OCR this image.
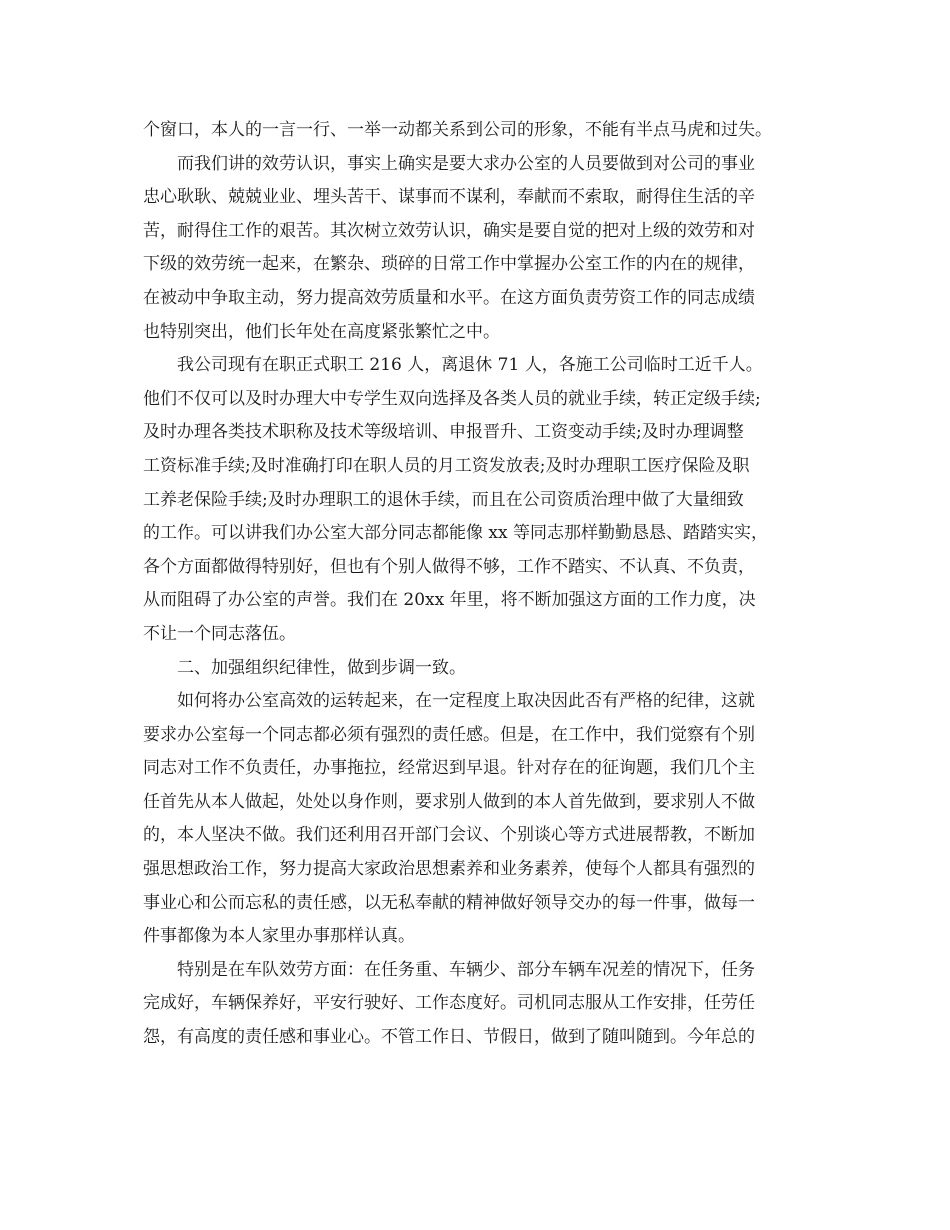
个窗口，本人的一言一行、一举一动都关系到公司的形象，不能有半点马虎和过失。
而我们讲的效劳认识，事实上确实是要大求办公室的人员要做到对公司的事业
忠心耿耿、兢兢业业、埋头苦干、谋事而不谋利，奉献而不索取，耐得住生活的辛
苦，耐得住工作的艰苦。其次树立效劳认识，确实是要自觉的把对上级的效劳和对
下级的效劳统一起来，在繁杂、琐碎的日常工作中掌握办公室工作的内在的规律，
在被动中争取主动，努力提高效劳质量和水平。在这方面负责劳资工作的同志成绩
也特别突出，他们长年处在高度紧张繁忙之中。
我公司现有在职正式职工 216 人，离退休 71 人，各施工公司临时工近千人。
他们不仅可以及时办理大中专学生双向选择及各类人员的就业手续，转正定级手续;
及时办理各类技术职称及技术等级培训、申报晋升、工资变动手续;及时办理调整
工资标准手续;及时准确打印在职人员的月工资发放表;及时办理职工医疗保险及职
工养老保险手续;及时办理职工的退休手续，而且在公司资质治理中做了大量细致
的工作。可以讲我们办公室大部分同志都能像 xx 等同志那样勤勤恳恳、踏踏实实，
各个方面都做得特别好，但也有个别人做得不够，工作不踏实、不认真、不负责，
从而阻碍了办公室的声誉。我们在 20xx 年里，将不断加强这方面的工作力度，决
不让一个同志落伍。
二、加强组织纪律性，做到步调一致。
如何将办公室高效的运转起来，在一定程度上取决因此否有严格的纪律，这就
要求办公室每一个同志都必须有强烈的责任感。但是，在工作中，我们觉察有个别
同志对工作不负责任，办事拖拉，经常迟到早退。针对存在的征询题，我们几个主
任首先从本人做起，处处以身作则，要求别人做到的本人首先做到，要求别人不做
的，本人坚决不做。我们还利用召开部门会议、个别谈心等方式进展帮教，不断加
强思想政治工作，努力提高大家政治思想素养和业务素养，使每个人都具有强烈的
事业心和公而忘私的责任感，以无私奉献的精神做好领导交办的每一件事，做每一
件事都像为本人家里办事那样认真。
特别是在车队效劳方面：在任务重、车辆少、部分车辆车况差的情况下，任务
完成好，车辆保养好，平安行驶好、工作态度好。司机同志服从工作安排，任劳任
怨，有高度的责任感和事业心。不管工作日、节假日，做到了随叫随到。今年总的
